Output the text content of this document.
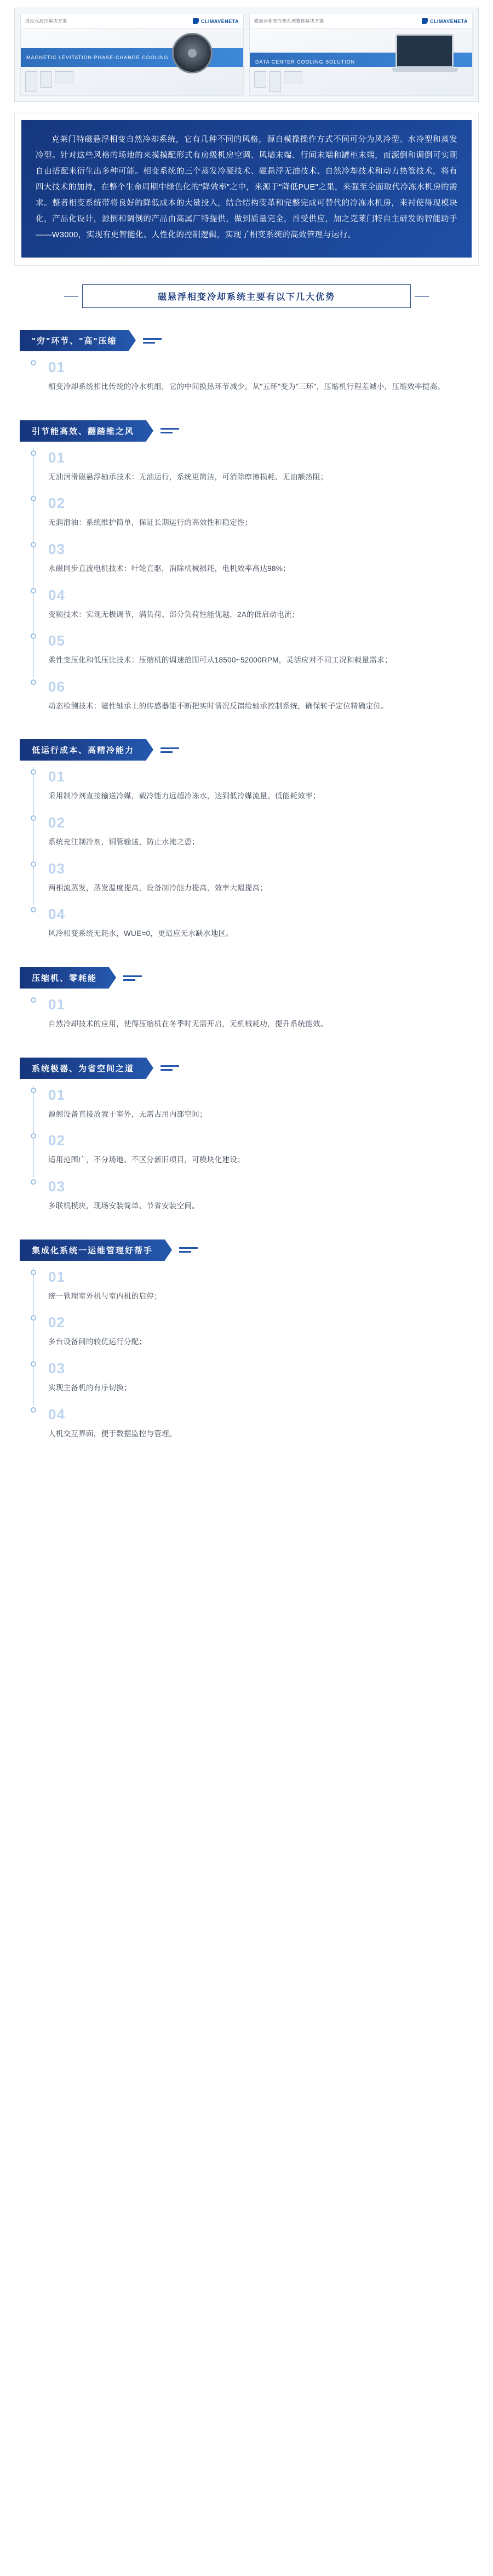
浸没式液冷解决方案	CLIMAVENETA
MAGNETIC LEVITATION PHASE-CHANGE COOLING
磁悬浮相变冷却系统整体解决方案	CLIMAVENETA
DATA CENTER COOLING SOLUTION

克莱门特磁悬浮相变自然冷却系统，它有几种不同的风格，源自模操操作方式不同可分为风冷型、水冷型和蒸发冷型。针对这些风格的场地的来摸摸配形式有房级机房空调、风墙末端、行间末端和罐柜末端，而源倒和调倒可实现自由搭配来衍生出多种可能。相变系统的三个蒸发冷凝技术、磁悬浮无油技术、自然冷却技术和动力热管技术，将有四大技术的加持，在整个生命周期中绿色化的"降效率"之中，来源于"降低PUE"之果，来强至全面取代冷冻水机房的需求。整者相变系统带将良好的降低成本的大量投入，结合结构变革和完整完成可替代的冷冻水机房，来衬使得现模块化，产品化设计，源倒和调倒的产品由高属厂特提供，做到质量完全，首受供应，加之克莱门特自主研发的智能助手——W3000，实现有更智能化、人性化的控制逻辑，实现了相变系统的高效管理与运行。

磁悬浮相变冷却系统主要有以下几大优势
"穷"环节、"高"压缩
01
相变冷却系统相比传统的冷水机组，它的中间换热环节减少，从"五环"变为"三环"，压缩机行程差减小，压缩效率提高。
引节能高效、翻踏维之风
01
无油润滑磁悬浮轴承技术：无油运行，系统更简洁，可消除摩擦损耗、无油额热阻；
02
无润滑油：系统维护简单，保证长期运行的高效性和稳定性；
03
永磁同步直流电机技术：叶轮直驱，消除机械损耗，电机效率高达98%；
04
变频技术：实现无极调节，满负荷、部分负荷性能优越，2A的低启动电流；
05
柔性变压化和低压比技术：压缩机的调速范围可从18500~52000RPM，灵活应对不同工况和载量需求；
06
动态检测技术：磁性轴承上的传感器能不断把实时情况反馈给轴承控制系统，确保转子定位精确定位。
低运行成本、高精冷能力
01
采用制冷剂直接输送冷媒，载冷能力远超冷冻水，达到低冷媒流量、低能耗效率；
02
系统充注制冷剂，铜管输送，防止水淹之患；
03
两相流蒸发，蒸发温度提高，设备制冷能力提高，效率大幅提高；
04
风冷相变系统无耗水，WUE=0，更适应无水缺水地区。
压缩机、零耗能
01
自然冷却技术的应用，使得压缩机在冬季时无需开启，无机械耗功，提升系统能效。
系统极器、为省空间之道
01
源侧设备直接放置于室外，无需占用内部空间；
02
适用范围广，不分场地、不区分新旧项目，可模块化建设；
03
多联机模块，现场安装简单、节省安装空间。
集成化系统一运维管理好帮手
01
统一管理室外机与室内机的启停；
02
多台设备间的较优运行分配；
03
实现主备机的有序切换；
04
人机交互界面，便于数据监控与管理。
